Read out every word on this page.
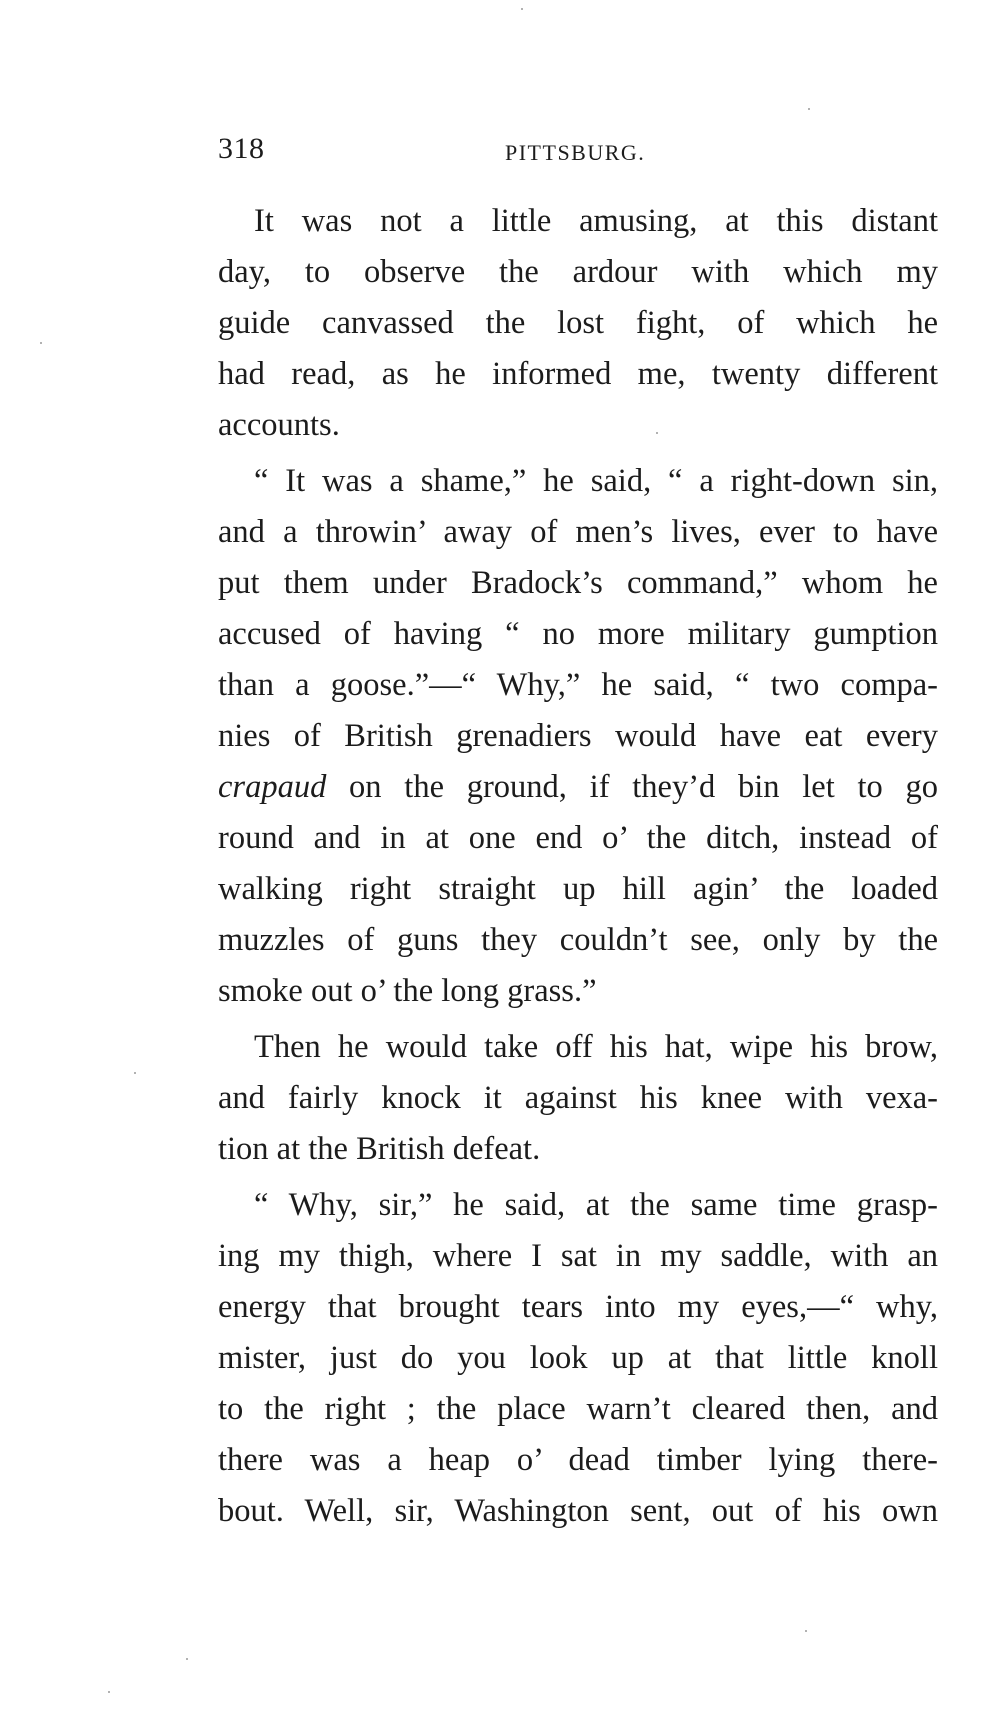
318	PITTSBURG.
It was not a little amusing, at this distant
day, to observe the ardour with which my
guide canvassed the lost fight, of which he
had read, as he informed me, twenty different
accounts.
“ It was a shame,” he said, “ a right-down sin,
and a throwin’ away of men’s lives, ever to have
put them under Bradock’s command,” whom he
accused of having “ no more military gumption
than a goose.”—“ Why,” he said, “ two compa-
nies of British grenadiers would have eat every
crapaud on the ground, if they’d bin let to go
round and in at one end o’ the ditch, instead of
walking right straight up hill agin’ the loaded
muzzles of guns they couldn’t see, only by the
smoke out o’ the long grass.”
Then he would take off his hat, wipe his brow,
and fairly knock it against his knee with vexa-
tion at the British defeat.
“ Why, sir,” he said, at the same time grasp-
ing my thigh, where I sat in my saddle, with an
energy that brought tears into my eyes,—“ why,
mister, just do you look up at that little knoll
to the right ; the place warn’t cleared then, and
there was a heap o’ dead timber lying there-
bout. Well, sir, Washington sent, out of his own
